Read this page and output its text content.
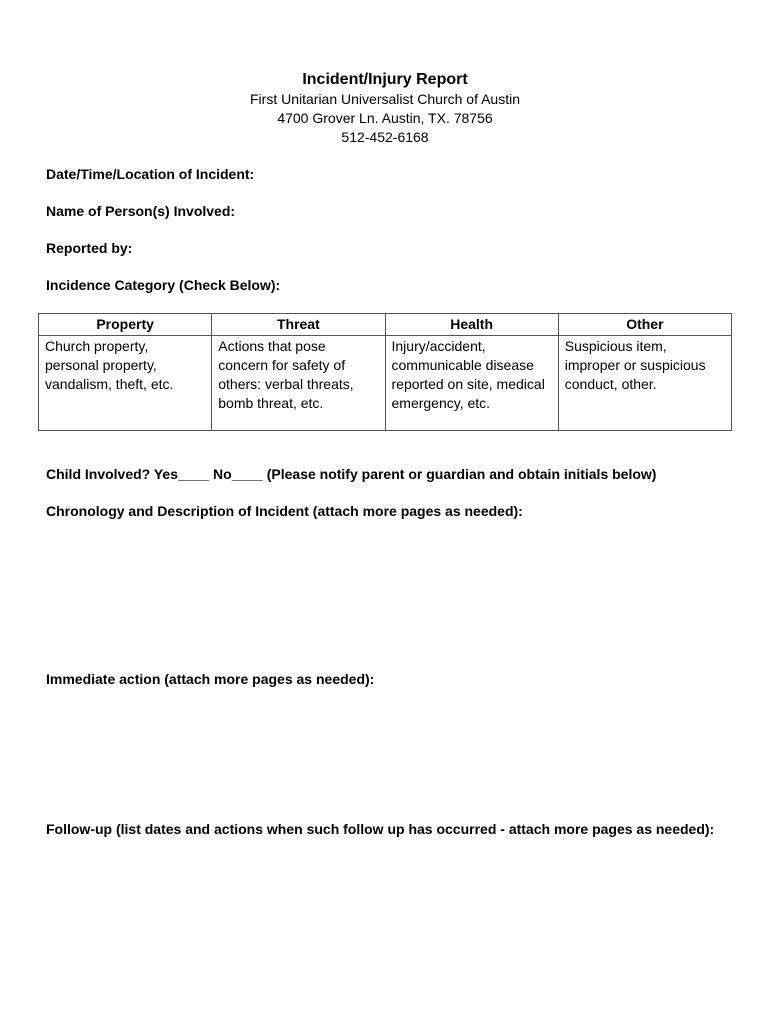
Incident/Injury Report
First Unitarian Universalist Church of Austin
4700 Grover Ln. Austin, TX. 78756
512-452-6168
Date/Time/Location of Incident:
Name of Person(s) Involved:
Reported by:
Incidence Category (Check Below):
Property	Threat	Health	Other
Church property, personal property, vandalism, theft, etc.	Actions that pose concern for safety of others: verbal threats, bomb threat, etc.	Injury/accident, communicable disease reported on site, medical emergency, etc.	Suspicious item, improper or suspicious conduct, other.
Child Involved? Yes____ No____ (Please notify parent or guardian and obtain initials below)
Chronology and Description of Incident (attach more pages as needed):
Immediate action (attach more pages as needed):
Follow-up (list dates and actions when such follow up has occurred - attach more pages as needed):
